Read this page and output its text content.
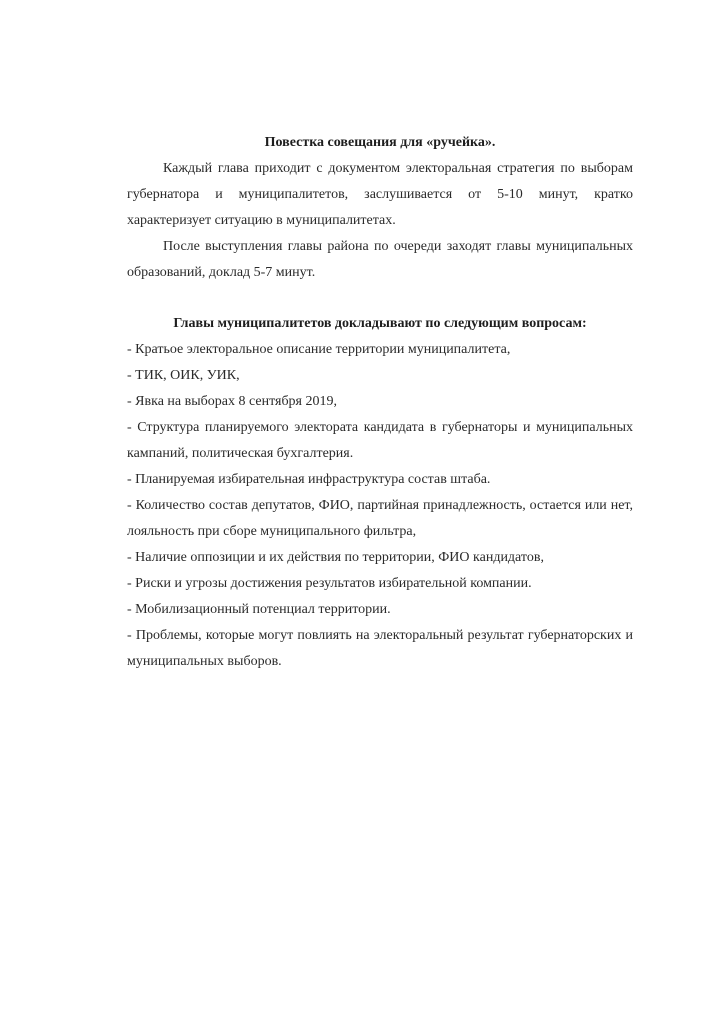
Повестка совещания для «ручейка».

Каждый глава приходит с документом электоральная стратегия по выборам губернатора и муниципалитетов, заслушивается от 5-10 минут, кратко характеризует ситуацию в муниципалитетах.

После выступления главы района по очереди заходят главы муниципальных образований, доклад 5-7 минут.

Главы муниципалитетов докладывают по следующим вопросам:

- Кратьое электоральное описание территории муниципалитета,
- ТИК, ОИК, УИК,
- Явка на выборах 8 сентября 2019,
- Структура планируемого электората кандидата в губернаторы и муниципальных кампаний, политическая бухгалтерия.
- Планируемая избирательная инфраструктура состав штаба.
- Количество состав депутатов, ФИО, партийная принадлежность, остается или нет, лояльность при сборе муниципального фильтра,
- Наличие оппозиции и их действия по территории, ФИО кандидатов,
- Риски и угрозы достижения результатов избирательной компании.
- Мобилизационный потенциал территории.
- Проблемы, которые могут повлиять на электоральный результат губернаторских и муниципальных выборов.
